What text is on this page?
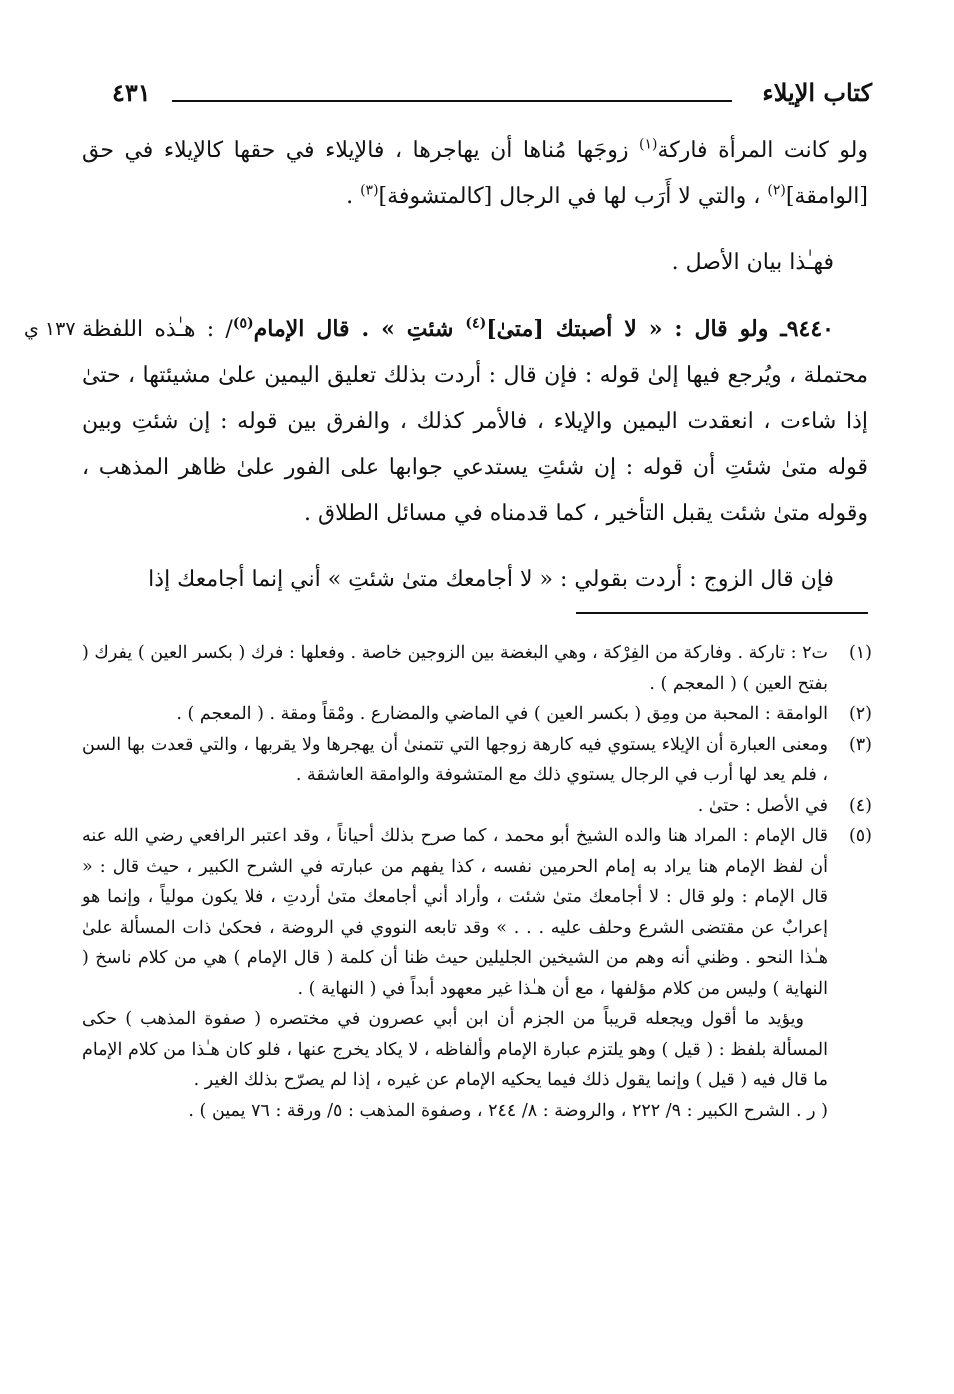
كتاب الإيلاء
٤٣١
١٣٧ ي

ولو كانت المرأة فاركة$^{(١)}$ زوجَها مُناها أن يهاجرها ، فالإيلاء في حقها كالإيلاء في حق [الوامقة]$^{(٢)}$ ، والتي لا أَرَب لها في الرجال [كالمتشوفة]$^{(٣)}$ .

فهـٰذا بيان الأصل .

٩٤٤٠ـ ولو قال : « لا أصبتك [متىٰ]$^{(٤)}$ شئتِ » . قال الإمام$^{(٥)}$/ : هـٰذه اللفظة محتملة ، ويُرجع فيها إلىٰ قوله : فإن قال : أردت بذلك تعليق اليمين علىٰ مشيئتها ، حتىٰ إذا شاءت ، انعقدت اليمين والإيلاء ، فالأمر كذلك ، والفرق بين قوله : إن شئتِ وبين قوله متىٰ شئتِ أن قوله : إن شئتِ يستدعي جوابها على الفور علىٰ ظاهر المذهب ، وقوله متىٰ شئت يقبل التأخير ، كما قدمناه في مسائل الطلاق .

فإن قال الزوج : أردت بقولي : « لا أجامعك متىٰ شئتِ » أني إنما أجامعك إذا

(١)
ت٢ : تاركة . وفاركة من الفِرْكة ، وهي البغضة بين الزوجين خاصة . وفعلها : فرك ( بكسر العين ) يفرك ( بفتح العين ) ( المعجم ) .

(٢)
الوامقة : المحبة من ومِق ( بكسر العين ) في الماضي والمضارع . ومْقاً ومقة . ( المعجم ) .

(٣)
ومعنى العبارة أن الإيلاء يستوي فيه كارهة زوجها التي تتمنىٰ أن يهجرها ولا يقربها ، والتي قعدت بها السن ، فلم يعد لها أرب في الرجال يستوي ذلك مع المتشوفة والوامقة العاشقة .

(٤)
في الأصل : حتىٰ .

(٥)
قال الإمام : المراد هنا والده الشيخ أبو محمد ، كما صرح بذلك أحياناً ، وقد اعتبر الرافعي رضي الله عنه أن لفظ الإمام هنا يراد به إمام الحرمين نفسه ، كذا يفهم من عبارته في الشرح الكبير ، حيث قال : « قال الإمام : ولو قال : لا أجامعك متىٰ شئت ، وأراد أني أجامعك متىٰ أردتِ ، فلا يكون مولياً ، وإنما هو إعرابٌ عن مقتضى الشرع وحلف عليه . . . » وقد تابعه النووي في الروضة ، فحكىٰ ذات المسألة علىٰ هـٰذا النحو . وظني أنه وهم من الشيخين الجليلين حيث ظنا أن كلمة ( قال الإمام ) هي من كلام ناسخ ( النهاية ) وليس من كلام مؤلفها ، مع أن هـٰذا غير معهود أبداً في ( النهاية ) .

ويؤيد ما أقول ويجعله قريباً من الجزم أن ابن أبي عصرون في مختصره ( صفوة المذهب ) حكى المسألة بلفظ : ( قيل ) وهو يلتزم عبارة الإمام وألفاظه ، لا يكاد يخرج عنها ، فلو كان هـٰذا من كلام الإمام ما قال فيه ( قيل ) وإنما يقول ذلك فيما يحكيه الإمام عن غيره ، إذا لم يصرّح بذلك الغير .

( ر . الشرح الكبير : ٩/ ٢٢٢ ، والروضة : ٨/ ٢٤٤ ، وصفوة المذهب : ٥/ ورقة : ٧٦ يمين ) .
